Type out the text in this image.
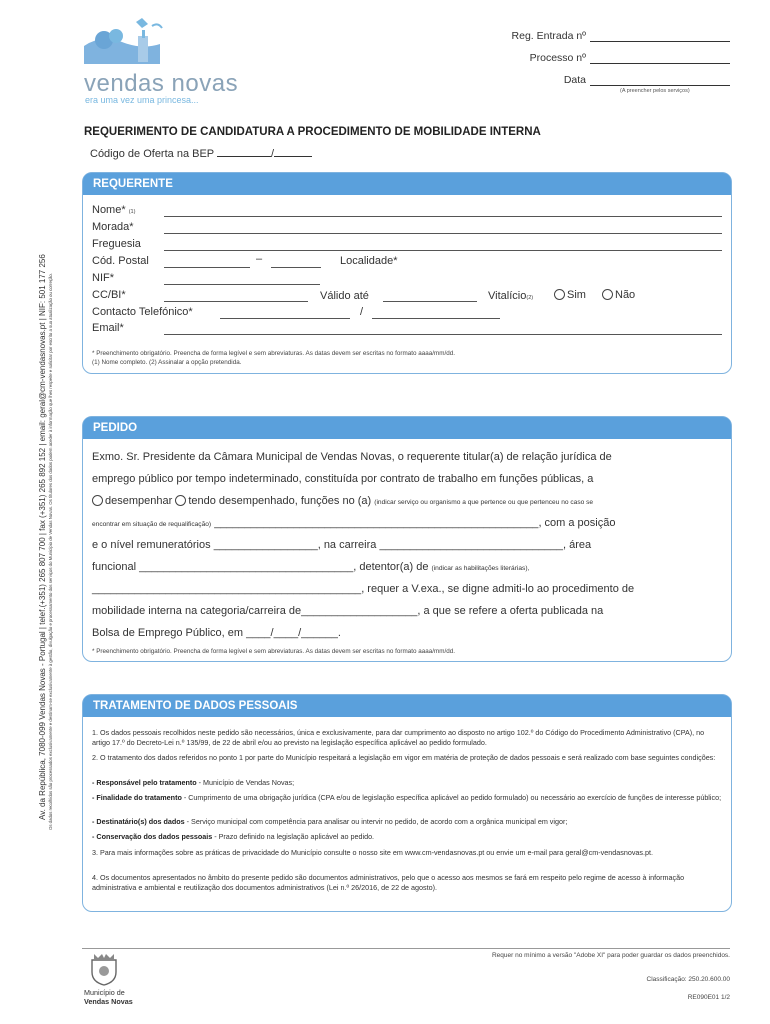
vendas novas
era uma vez uma princesa...
Reg. Entrada nº
Processo nº
Data
(A preencher pelos serviços)
REQUERIMENTO DE CANDIDATURA A PROCEDIMENTO DE MOBILIDADE INTERNA
Código de Oferta na BEP	/
Av. da República, 7080-099 Vendas Novas - Portugal | telef.(+351) 265 807 700 | fax (+351) 265 892 152 | email: geral@cm-vendasnovas.pt | NIF: 501 177 256 Os dados recolhidos são processados exclusivamente e destinam-se exclusivamente à gestão, divulgação e processamento dos serviços do Município de Vendas Novas. Os titulares dos dados podem aceder à informação que lhes respeite e solicitar por escrito a sua atualização ou correção.
REQUERENTE
Nome* (1)
Morada*
Freguesia
Cód. Postal	–	Localidade*
NIF*
CC/BI*	Válido até	Vitalício(2)	Sim	Não
Contacto Telefónico*	/
Email*
* Preenchimento obrigatório. Preencha de forma legível e sem abreviaturas. As datas devem ser escritas no formato aaaa/mm/dd.
(1) Nome completo. (2) Assinalar a opção pretendida.
PEDIDO
Exmo. Sr. Presidente da Câmara Municipal de Vendas Novas, o requerente titular(a) de relação jurídica de
emprego público por tempo indeterminado, constituída por contrato de trabalho em funções públicas, a
desempenhar tendo desempenhado, funções no (a) (indicar serviço ou organismo a que pertence ou que pertenceu no caso se
encontrar em situação de requalificação) _____________________________________________________, com a posição
e o nível remuneratórios _________________, na carreira ______________________________, área
funcional ___________________________________, detentor(a) de (indicar as habilitações literárias),
____________________________________________, requer a V.exa., se digne admiti-lo ao procedimento de
mobilidade interna na categoria/carreira de___________________, a que se refere a oferta publicada na
Bolsa de Emprego Público, em ____/____/______.
* Preenchimento obrigatório. Preencha de forma legível e sem abreviaturas. As datas devem ser escritas no formato aaaa/mm/dd.
TRATAMENTO DE DADOS PESSOAIS
1. Os dados pessoais recolhidos neste pedido são necessários, única e exclusivamente, para dar cumprimento ao disposto no artigo 102.º do Código do Procedimento Administrativo (CPA), no artigo 17.º do Decreto-Lei n.º 135/99, de 22 de abril e/ou ao previsto na legislação específica aplicável ao pedido formulado.
2. O tratamento dos dados referidos no ponto 1 por parte do Município respeitará a legislação em vigor em matéria de proteção de dados pessoais e será realizado com base seguintes condições:
- Responsável pelo tratamento - Município de Vendas Novas;
- Finalidade do tratamento - Cumprimento de uma obrigação jurídica (CPA e/ou de legislação específica aplicável ao pedido formulado) ou necessário ao exercício de funções de interesse público;
- Destinatário(s) dos dados - Serviço municipal com competência para analisar ou intervir no pedido, de acordo com a orgânica municipal em vigor;
- Conservação dos dados pessoais - Prazo definido na legislação aplicável ao pedido.
3. Para mais informações sobre as práticas de privacidade do Município consulte o nosso site em www.cm-vendasnovas.pt ou envie um e-mail para geral@cm-vendasnovas.pt.
4. Os documentos apresentados no âmbito do presente pedido são documentos administrativos, pelo que o acesso aos mesmos se fará em respeito pelo regime de acesso à informação administrativa e ambiental e reutilização dos documentos administrativos (Lei n.º 26/2016, de 22 de agosto).
Requer no mínimo a versão "Adobe XI" para poder guardar os dados preenchidos.
Município de
Vendas Novas
Classificação: 250.20.600.00
RE090E01 1/2
